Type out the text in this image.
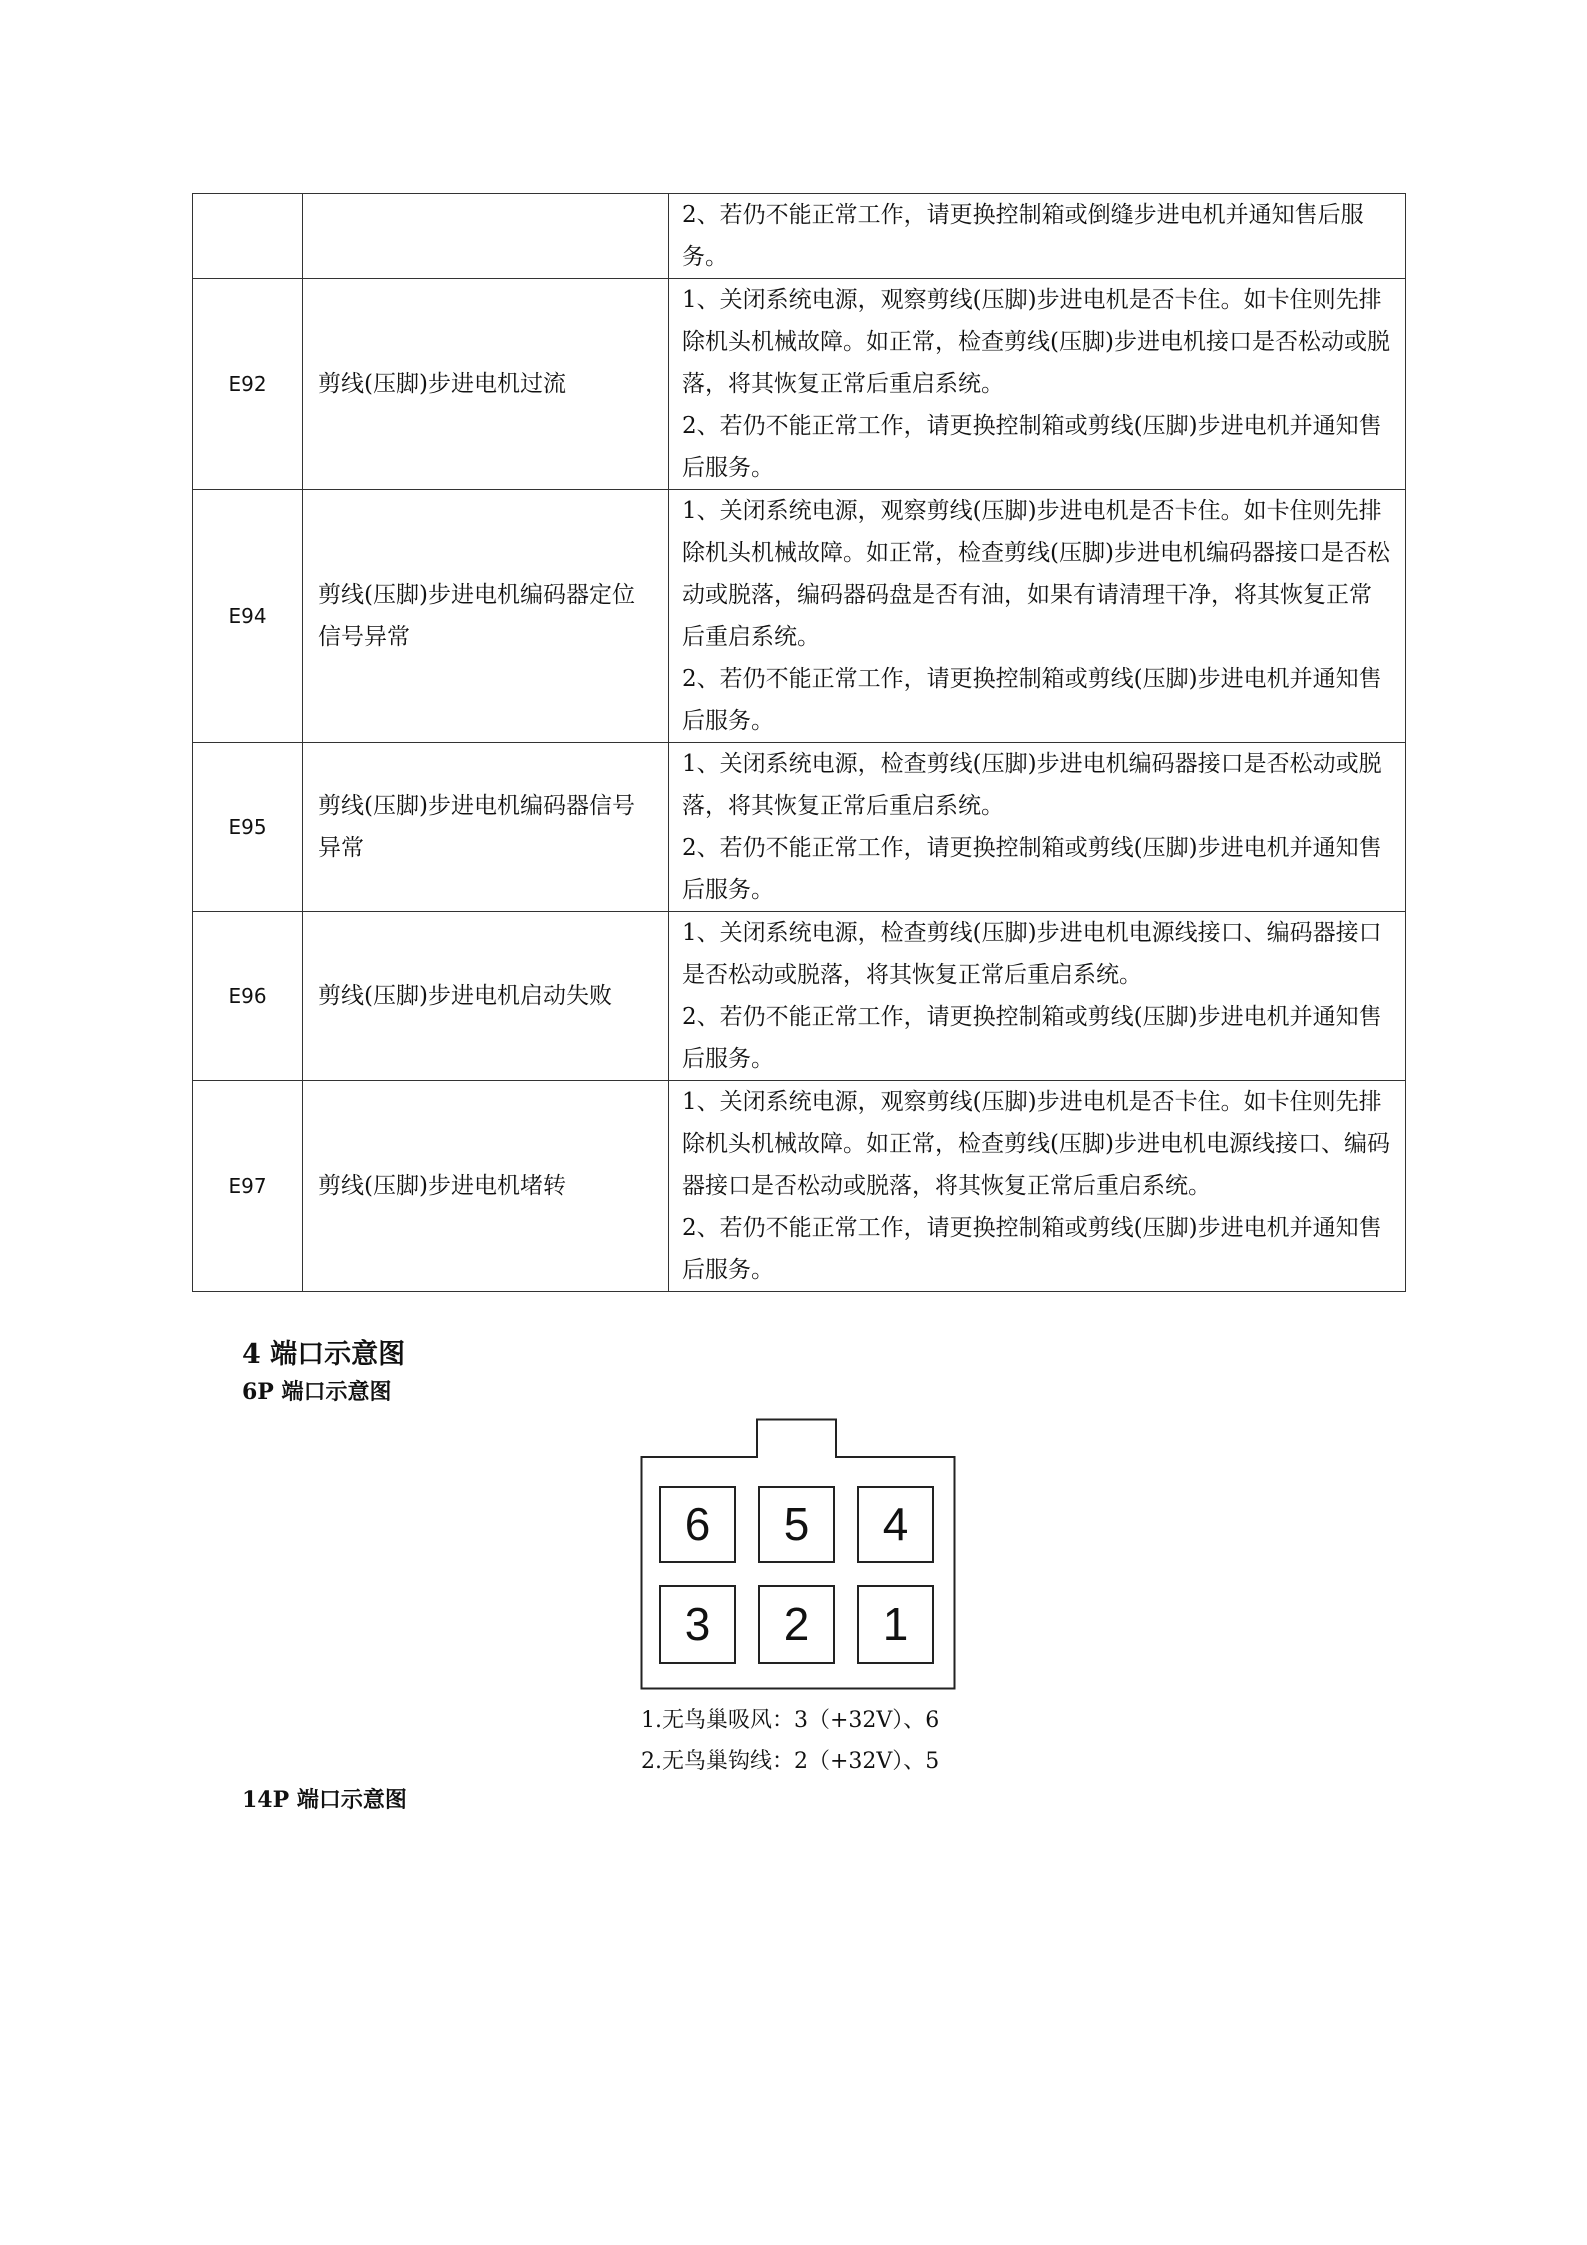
		2、若仍不能正常工作，请更换控制箱或倒缝步进电机并通知售后服务。

E92	剪线(压脚)步进电机过流	1、关闭系统电源，观察剪线(压脚)步进电机是否卡住。如卡住则先排除机头机械故障。如正常，检查剪线(压脚)步进电机接口是否松动或脱落，将其恢复正常后重启系统。
2、若仍不能正常工作，请更换控制箱或剪线(压脚)步进电机并通知售后服务。

E94	剪线(压脚)步进电机编码器定位信号异常	1、关闭系统电源，观察剪线(压脚)步进电机是否卡住。如卡住则先排除机头机械故障。如正常，检查剪线(压脚)步进电机编码器接口是否松动或脱落，编码器码盘是否有油，如果有请清理干净，将其恢复正常后重启系统。
2、若仍不能正常工作，请更换控制箱或剪线(压脚)步进电机并通知售后服务。

E95	剪线(压脚)步进电机编码器信号异常	1、关闭系统电源，检查剪线(压脚)步进电机编码器接口是否松动或脱落，将其恢复正常后重启系统。
2、若仍不能正常工作，请更换控制箱或剪线(压脚)步进电机并通知售后服务。

E96	剪线(压脚)步进电机启动失败	1、关闭系统电源，检查剪线(压脚)步进电机电源线接口、编码器接口是否松动或脱落，将其恢复正常后重启系统。
2、若仍不能正常工作，请更换控制箱或剪线(压脚)步进电机并通知售后服务。

E97	剪线(压脚)步进电机堵转	1、关闭系统电源，观察剪线(压脚)步进电机是否卡住。如卡住则先排除机头机械故障。如正常，检查剪线(压脚)步进电机电源线接口、编码器接口是否松动或脱落，将其恢复正常后重启系统。
2、若仍不能正常工作，请更换控制箱或剪线(压脚)步进电机并通知售后服务。
4 端口示意图
6P 端口示意图
6 5 4
3 2 1
1.无鸟巢吸风：3（+32V）、6
2.无鸟巢钩线：2（+32V）、5
14P 端口示意图
